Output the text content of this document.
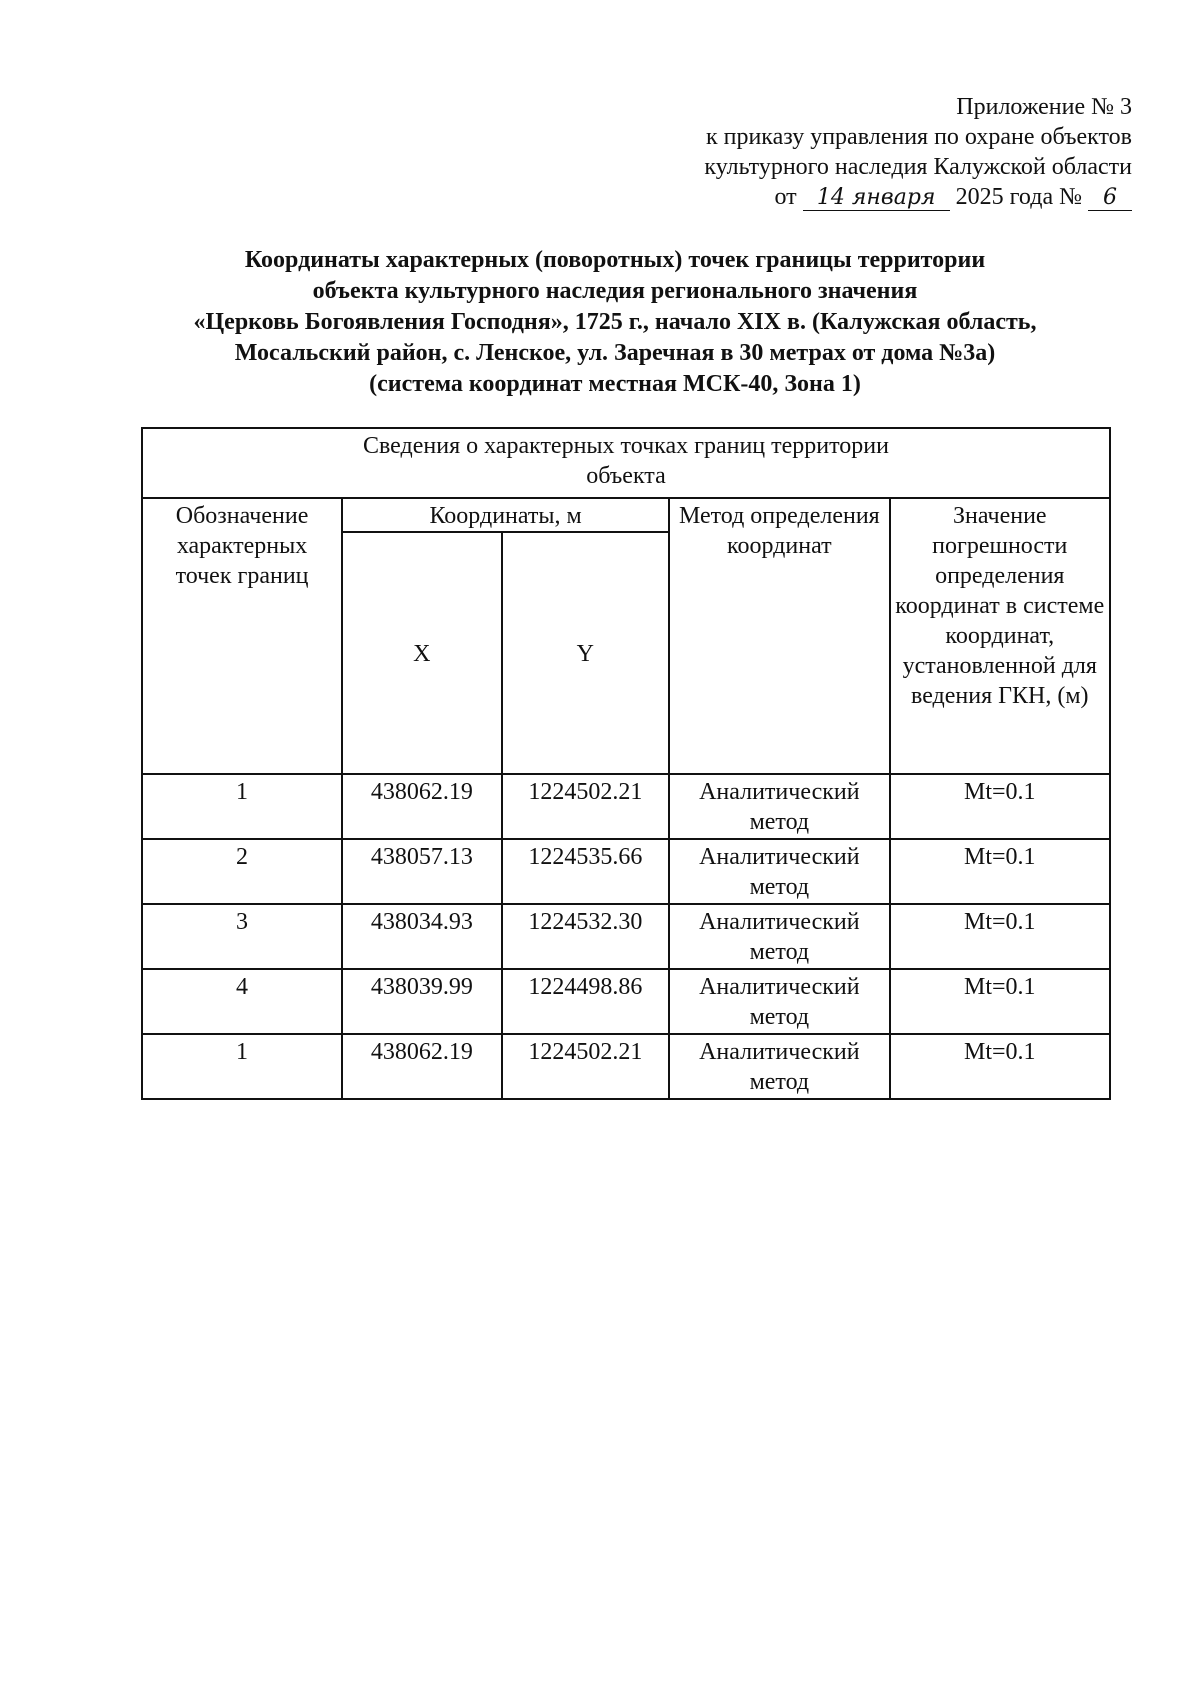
Приложение № 3
к приказу управления по охране объектов
культурного наследия Калужской области
от 14 января 2025 года № 6
Координаты характерных (поворотных) точек границы территории
объекта культурного наследия регионального значения
«Церковь Богоявления Господня», 1725 г., начало XIX в. (Калужская область,
Мосальский район, с. Ленское, ул. Заречная в 30 метрах от дома №3а)
(система координат местная МСК-40, Зона 1)
Сведения о характерных точках границ территории
объекта				

Обозначение характерных точек границ	Координаты, м		Метод определения координат	Значение погрешности определения координат в системе координат, установленной для ведения ГКН, (м)
	X	Y		
1	438062.19	1224502.21	Аналитический метод	Mt=0.1
2	438057.13	1224535.66	Аналитический метод	Mt=0.1
3	438034.93	1224532.30	Аналитический метод	Mt=0.1
4	438039.99	1224498.86	Аналитический метод	Mt=0.1
1	438062.19	1224502.21	Аналитический метод	Mt=0.1
